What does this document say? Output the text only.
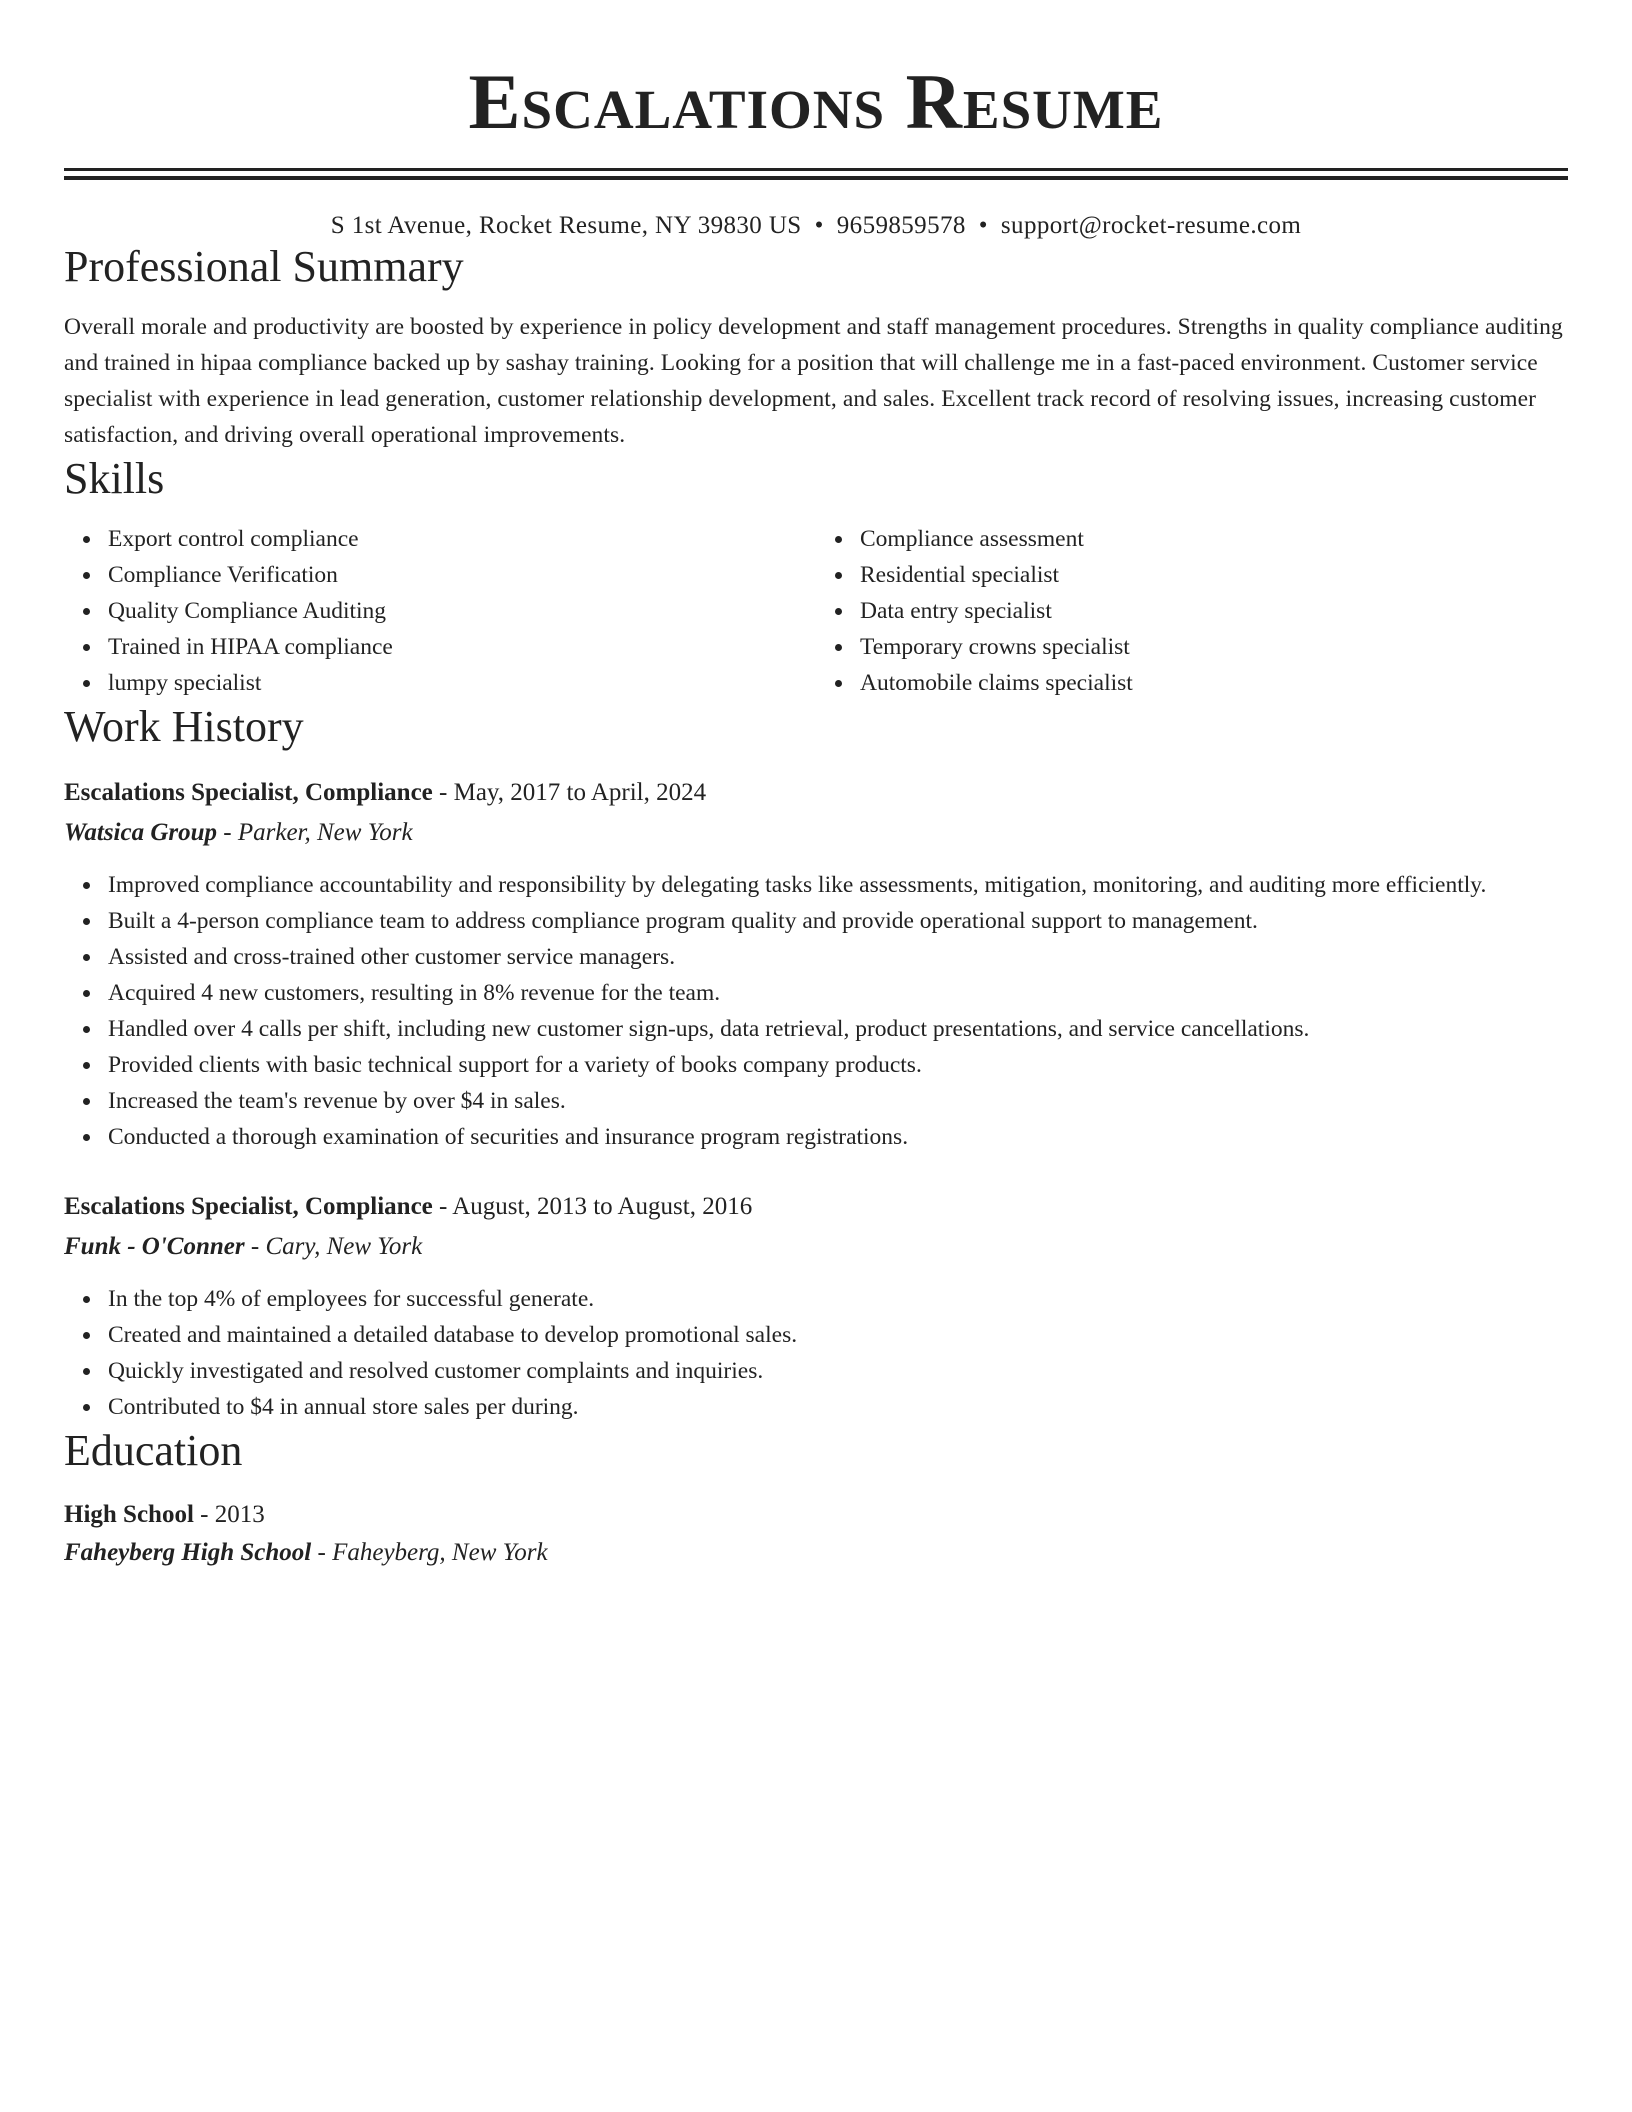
Escalations Resume
S 1st Avenue, Rocket Resume, NY 39830 US • 9659859578 • support@rocket-resume.com
Professional Summary

Overall morale and productivity are boosted by experience in policy development and staff management procedures. Strengths in quality compliance auditing and trained in hipaa compliance backed up by sashay training. Looking for a position that will challenge me in a fast-paced environment. Customer service specialist with experience in lead generation, customer relationship development, and sales. Excellent track record of resolving issues, increasing customer satisfaction, and driving overall operational improvements.

Skills
Export control compliance
Compliance Verification
Quality Compliance Auditing
Trained in HIPAA compliance
lumpy specialist
Compliance assessment
Residential specialist
Data entry specialist
Temporary crowns specialist
Automobile claims specialist
Work History
Escalations Specialist, Compliance - May, 2017 to April, 2024
Watsica Group - Parker, New York
Improved compliance accountability and responsibility by delegating tasks like assessments, mitigation, monitoring, and auditing more efficiently.
Built a 4-person compliance team to address compliance program quality and provide operational support to management.
Assisted and cross-trained other customer service managers.
Acquired 4 new customers, resulting in 8% revenue for the team.
Handled over 4 calls per shift, including new customer sign-ups, data retrieval, product presentations, and service cancellations.
Provided clients with basic technical support for a variety of books company products.
Increased the team's revenue by over $4 in sales.
Conducted a thorough examination of securities and insurance program registrations.
Escalations Specialist, Compliance - August, 2013 to August, 2016
Funk - O'Conner - Cary, New York
In the top 4% of employees for successful generate.
Created and maintained a detailed database to develop promotional sales.
Quickly investigated and resolved customer complaints and inquiries.
Contributed to $4 in annual store sales per during.
Education
High School - 2013
Faheyberg High School - Faheyberg, New York
